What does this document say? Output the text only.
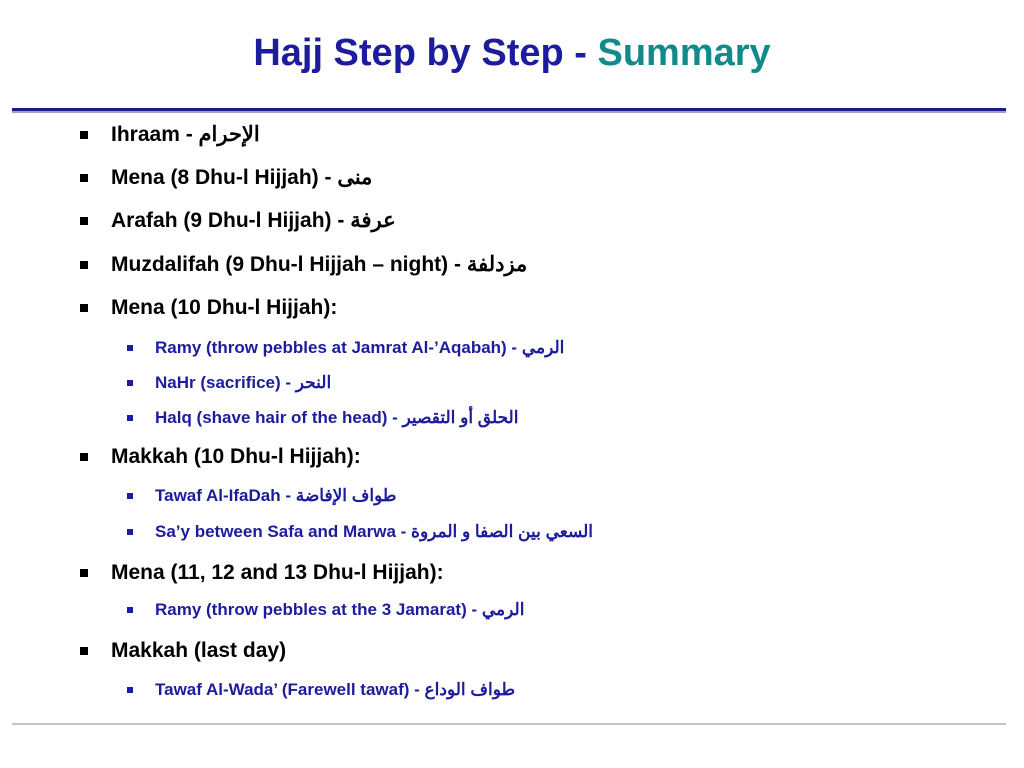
Hajj Step by Step - Summary
Ihraam - الإحرام
Mena (8 Dhu-l Hijjah) - منى
Arafah (9 Dhu-l Hijjah) - عرفة
Muzdalifah (9 Dhu-l Hijjah – night) - مزدلفة
Mena (10 Dhu-l Hijjah):
Ramy (throw pebbles at Jamrat Al-’Aqabah) - الرمي
NaHr (sacrifice) - النحر
Halq (shave hair of the head) - الحلق أو التقصير
Makkah (10 Dhu-l Hijjah):
Tawaf Al-IfaDah - طواف الإفاضة
Sa’y between Safa and Marwa - السعي بين الصفا و المروة
Mena (11, 12 and 13 Dhu-l Hijjah):
Ramy (throw pebbles at the 3 Jamarat) - الرمي
Makkah (last day)
Tawaf Al-Wada’ (Farewell tawaf) - طواف الوداع
